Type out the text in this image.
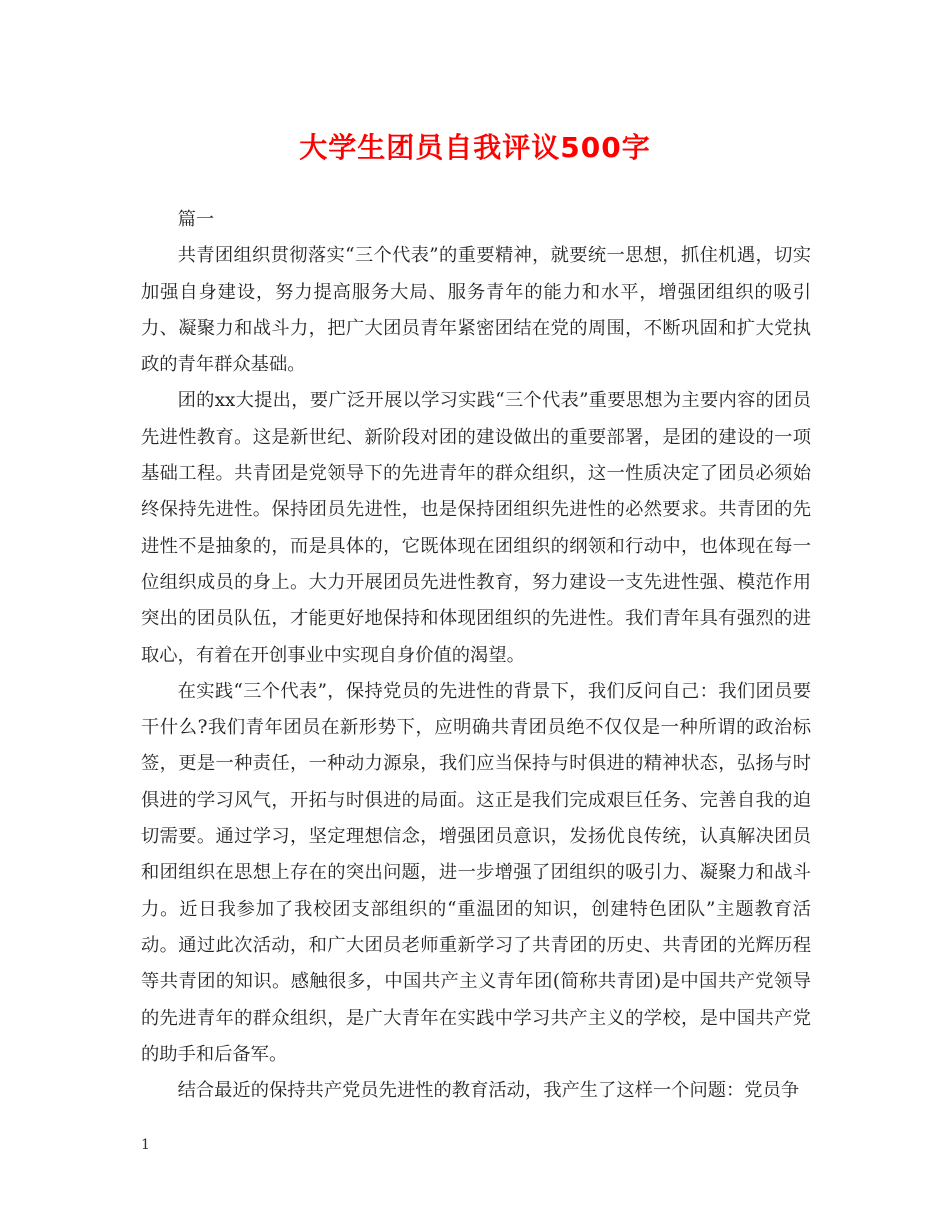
大学生团员自我评议500字

篇一

共青团组织贯彻落实“三个代表”的重要精神，就要统一思想，抓住机遇，切实加强自身建设，努力提高服务大局、服务青年的能力和水平，增强团组织的吸引力、凝聚力和战斗力，把广大团员青年紧密团结在党的周围，不断巩固和扩大党执政的青年群众基础。

团的xx大提出，要广泛开展以学习实践“三个代表”重要思想为主要内容的团员先进性教育。这是新世纪、新阶段对团的建设做出的重要部署，是团的建设的一项基础工程。共青团是党领导下的先进青年的群众组织，这一性质决定了团员必须始终保持先进性。保持团员先进性，也是保持团组织先进性的必然要求。共青团的先进性不是抽象的，而是具体的，它既体现在团组织的纲领和行动中，也体现在每一位组织成员的身上。大力开展团员先进性教育，努力建设一支先进性强、模范作用突出的团员队伍，才能更好地保持和体现团组织的先进性。我们青年具有强烈的进取心，有着在开创事业中实现自身价值的渴望。

在实践“三个代表”，保持党员的先进性的背景下，我们反问自己：我们团员要干什么?我们青年团员在新形势下，应明确共青团员绝不仅仅是一种所谓的政治标签，更是一种责任，一种动力源泉，我们应当保持与时俱进的精神状态，弘扬与时俱进的学习风气，开拓与时俱进的局面。这正是我们完成艰巨任务、完善自我的迫切需要。通过学习，坚定理想信念，增强团员意识，发扬优良传统，认真解决团员和团组织在思想上存在的突出问题，进一步增强了团组织的吸引力、凝聚力和战斗力。近日我参加了我校团支部组织的“重温团的知识，创建特色团队”主题教育活动。通过此次活动，和广大团员老师重新学习了共青团的历史、共青团的光辉历程等共青团的知识。感触很多，中国共产主义青年团(简称共青团)是中国共产党领导的先进青年的群众组织，是广大青年在实践中学习共产主义的学校，是中国共产党的助手和后备军。

结合最近的保持共产党员先进性的教育活动，我产生了这样一个问题：党员争

1
